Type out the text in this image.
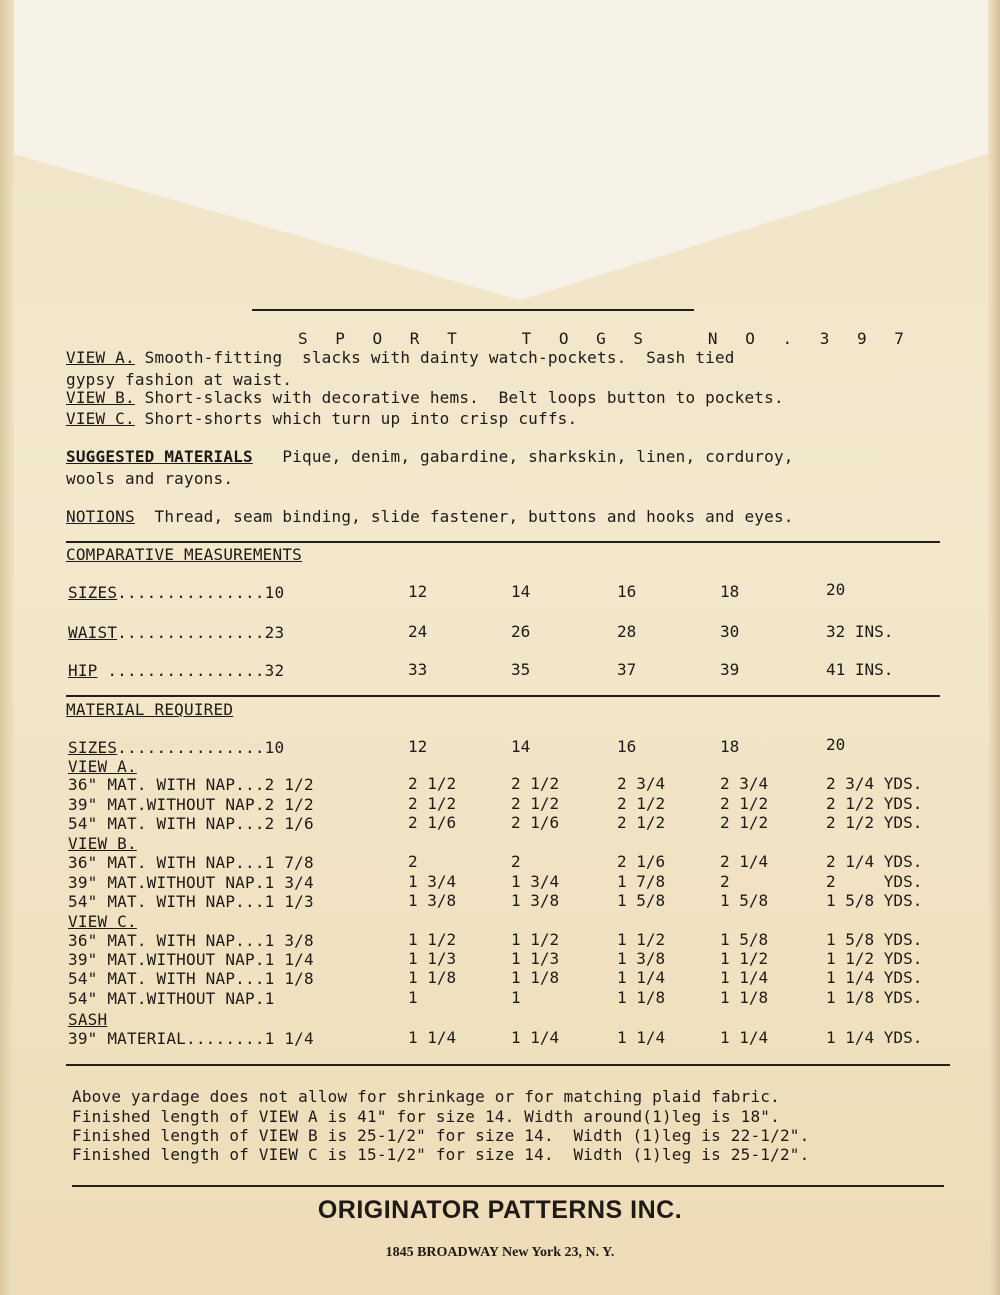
S P O R T   T O G S   N O . 3 9 7
VIEW A. Smooth-fitting  slacks with dainty watch-pockets.  Sash tied
gypsy fashion at waist.
VIEW B. Short-slacks with decorative hems.  Belt loops button to pockets.
VIEW C. Short-shorts which turn up into crisp cuffs.
SUGGESTED MATERIALS   Pique, denim, gabardine, sharkskin, linen, corduroy,
wools and rayons.
NOTIONS  Thread, seam binding, slide fastener, buttons and hooks and eyes.
COMPARATIVE MEASUREMENTS
SIZES...............10	12	14	16	18	20
WAIST...............23	24	26	28	30	32 INS.
HIP ................32	33	35	37	39	41 INS.
MATERIAL REQUIRED
SIZES...............10	12	14	16	18	20
VIEW A.
36" MAT. WITH NAP...2 1/2	2 1/2	2 1/2	2 3/4	2 3/4	2 3/4 YDS.
39" MAT.WITHOUT NAP.2 1/2	2 1/2	2 1/2	2 1/2	2 1/2	2 1/2 YDS.
54" MAT. WITH NAP...2 1/6	2 1/6	2 1/6	2 1/2	2 1/2	2 1/2 YDS.
VIEW B.
36" MAT. WITH NAP...1 7/8	2	2	2 1/6	2 1/4	2 1/4 YDS.
39" MAT.WITHOUT NAP.1 3/4	1 3/4	1 3/4	1 7/8	2	2     YDS.
54" MAT. WITH NAP...1 1/3	1 3/8	1 3/8	1 5/8	1 5/8	1 5/8 YDS.
VIEW C.
36" MAT. WITH NAP...1 3/8	1 1/2	1 1/2	1 1/2	1 5/8	1 5/8 YDS.
39" MAT.WITHOUT NAP.1 1/4	1 1/3	1 1/3	1 3/8	1 1/2	1 1/2 YDS.
54" MAT. WITH NAP...1 1/8	1 1/8	1 1/8	1 1/4	1 1/4	1 1/4 YDS.
54" MAT.WITHOUT NAP.1	1	1	1 1/8	1 1/8	1 1/8 YDS.
SASH
39" MATERIAL........1 1/4	1 1/4	1 1/4	1 1/4	1 1/4	1 1/4 YDS.
Above yardage does not allow for shrinkage or for matching plaid fabric.
Finished length of VIEW A is 41" for size 14. Width around(1)leg is 18".
Finished length of VIEW B is 25-1/2" for size 14.  Width (1)leg is 22-1/2".
Finished length of VIEW C is 15-1/2" for size 14.  Width (1)leg is 25-1/2".
ORIGINATOR PATTERNS INC.
1845 BROADWAY New York 23, N. Y.
